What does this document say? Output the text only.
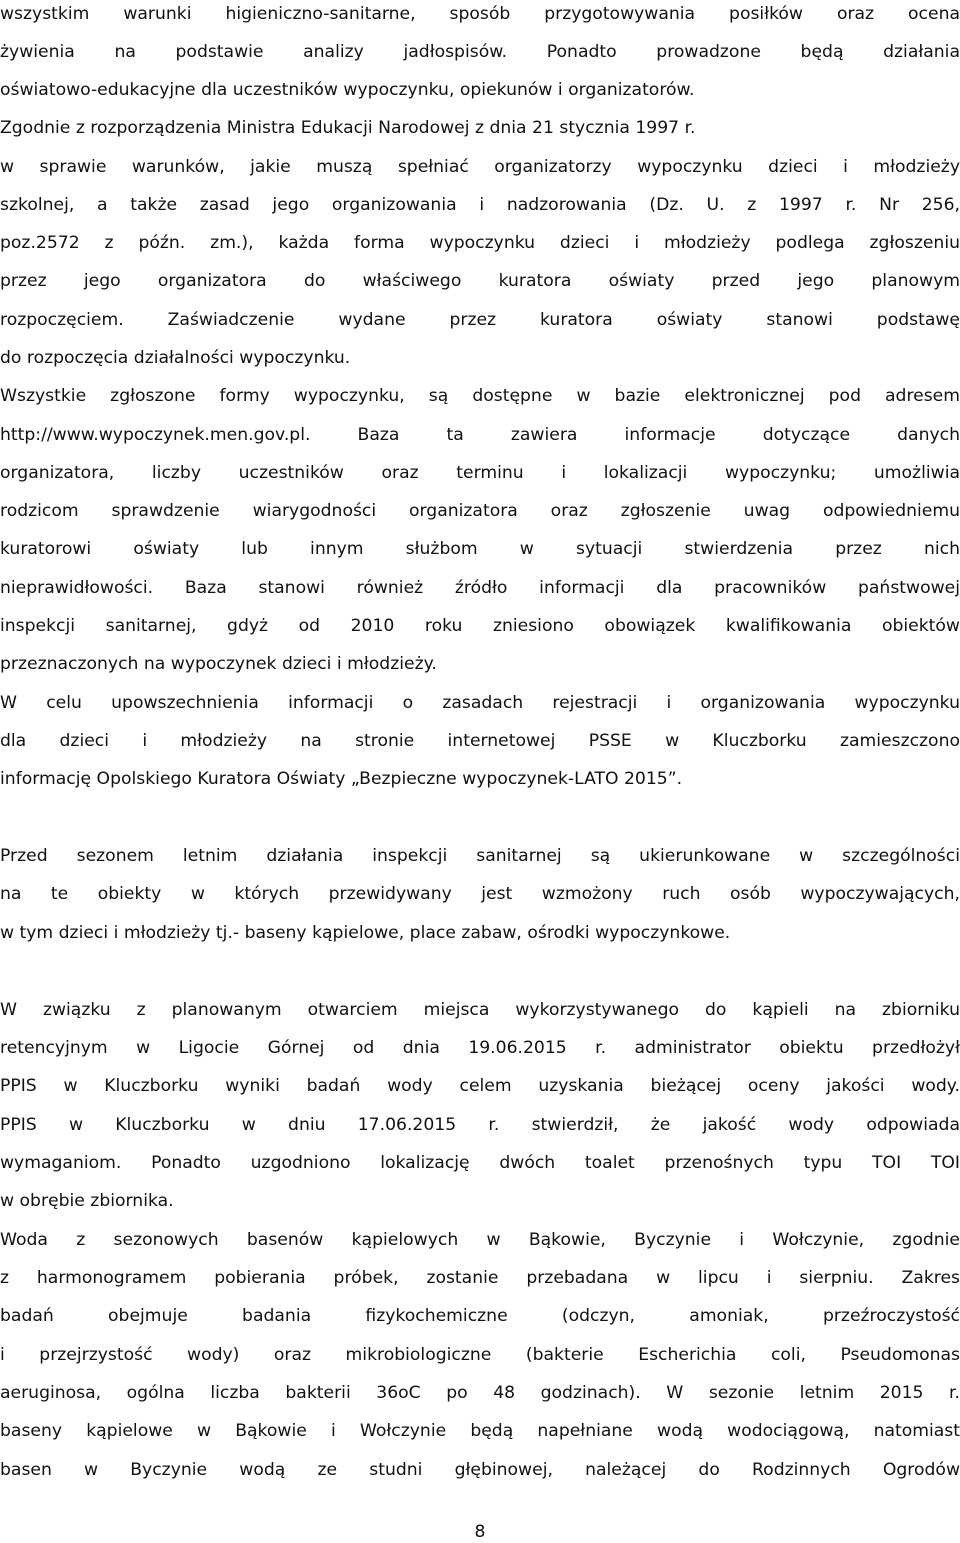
wszystkim warunki higieniczno-sanitarne, sposób przygotowywania posiłków oraz ocena
żywienia na podstawie analizy jadłospisów. Ponadto prowadzone będą działania
oświatowo-edukacyjne dla uczestników wypoczynku, opiekunów i organizatorów.
Zgodnie z rozporządzenia Ministra Edukacji Narodowej z dnia 21 stycznia 1997 r.
w sprawie warunków, jakie muszą spełniać organizatorzy wypoczynku dzieci i młodzieży
szkolnej, a także zasad jego organizowania i nadzorowania (Dz. U. z 1997 r. Nr 256,
poz.2572 z późn. zm.), każda forma wypoczynku dzieci i młodzieży podlega zgłoszeniu
przez jego organizatora do właściwego kuratora oświaty przed jego planowym
rozpoczęciem. Zaświadczenie wydane przez kuratora oświaty stanowi podstawę
do rozpoczęcia działalności wypoczynku.
Wszystkie zgłoszone formy wypoczynku, są dostępne w bazie elektronicznej pod adresem
http://www.wypoczynek.men.gov.pl. Baza ta zawiera informacje dotyczące danych
organizatora, liczby uczestników oraz terminu i lokalizacji wypoczynku; umożliwia
rodzicom sprawdzenie wiarygodności organizatora oraz zgłoszenie uwag odpowiedniemu
kuratorowi oświaty lub innym służbom w sytuacji stwierdzenia przez nich
nieprawidłowości. Baza stanowi również źródło informacji dla pracowników państwowej
inspekcji sanitarnej, gdyż od 2010 roku zniesiono obowiązek kwalifikowania obiektów
przeznaczonych na wypoczynek dzieci i młodzieży.
W celu upowszechnienia informacji o zasadach rejestracji i organizowania wypoczynku
dla dzieci i młodzieży na stronie internetowej PSSE w Kluczborku zamieszczono
informację Opolskiego Kuratora Oświaty „Bezpieczne wypoczynek-LATO 2015”.
Przed sezonem letnim działania inspekcji sanitarnej są ukierunkowane w szczególności
na te obiekty w których przewidywany jest wzmożony ruch osób wypoczywających,
w tym dzieci i młodzieży tj.- baseny kąpielowe, place zabaw, ośrodki wypoczynkowe.
W związku z planowanym otwarciem miejsca wykorzystywanego do kąpieli na zbiorniku
retencyjnym w Ligocie Górnej od dnia 19.06.2015 r. administrator obiektu przedłożył
PPIS w Kluczborku wyniki badań wody celem uzyskania bieżącej oceny jakości wody.
PPIS w Kluczborku w dniu 17.06.2015 r. stwierdził, że jakość wody odpowiada
wymaganiom. Ponadto uzgodniono lokalizację dwóch toalet przenośnych typu TOI TOI
w obrębie zbiornika.
Woda z sezonowych basenów kąpielowych w Bąkowie, Byczynie i Wołczynie, zgodnie
z harmonogramem pobierania próbek, zostanie przebadana w lipcu i sierpniu. Zakres
badań obejmuje badania fizykochemiczne (odczyn, amoniak, przeźroczystość
i przejrzystość wody) oraz mikrobiologiczne (bakterie Escherichia coli, Pseudomonas
aeruginosa, ogólna liczba bakterii 36oC po 48 godzinach). W sezonie letnim 2015 r.
baseny kąpielowe w Bąkowie i Wołczynie będą napełniane wodą wodociągową, natomiast
basen w Byczynie wodą ze studni głębinowej, należącej do Rodzinnych Ogrodów
8
